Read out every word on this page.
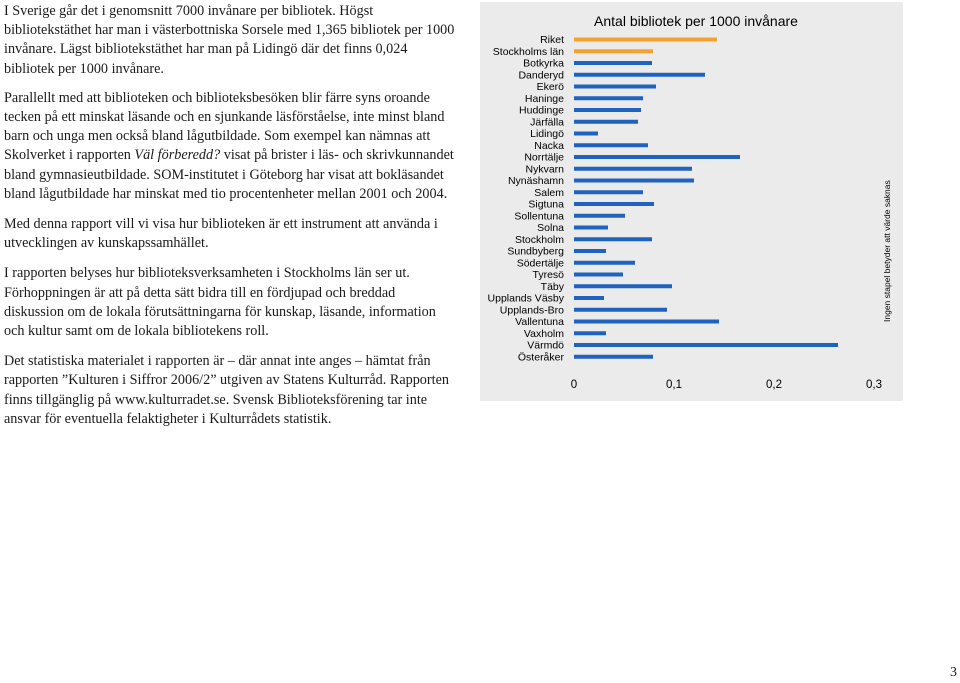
I Sverige går det i genomsnitt 7000 invånare per bibliotek. Högst bibliotekstäthet har man i västerbottniska Sorsele med 1,365 bibliotek per 1000 invånare. Lägst bibliotekstäthet har man på Lidingö där det finns 0,024 bibliotek per 1000 invånare.

Parallellt med att biblioteken och biblioteksbesöken blir färre syns oroande tecken på ett minskat läsande och en sjunkande läsförståelse, inte minst bland barn och unga men också bland lågutbildade. Som exempel kan nämnas att Skolverket i rapporten Väl förberedd? visat på brister i läs- och skrivkunnandet bland gymnasieutbildade. SOM-institutet i Göteborg har visat att bokläsandet bland lågutbildade har minskat med tio procentenheter mellan 2001 och 2004.

Med denna rapport vill vi visa hur biblioteken är ett instrument att använda i utvecklingen av kunskapssamhället.

I rapporten belyses hur biblioteksverksamheten i Stockholms län ser ut. Förhoppningen är att på detta sätt bidra till en fördjupad och breddad diskussion om de lokala förutsättningarna för kunskap, läsande, information och kultur samt om de lokala bibliotekens roll.

Det statistiska materialet i rapporten är – där annat inte anges – hämtat från rapporten ”Kulturen i Siffror 2006/2” utgiven av Statens Kulturråd. Rapporten finns tillgänglig på www.kulturradet.se. Svensk Biblioteksförening tar inte ansvar för eventuella felaktigheter i Kulturrådets statistik.

Antal bibliotek per 1000 invånare
Riket
Stockholms län
Botkyrka
Danderyd
Ekerö
Haninge
Huddinge
Järfälla
Lidingö
Nacka
Norrtälje
Nykvarn
Nynäshamn
Salem
Sigtuna
Sollentuna
Solna
Stockholm
Sundbyberg
Södertälje
Tyresö
Täby
Upplands Väsby
Upplands-Bro
Vallentuna
Vaxholm
Värmdö
Österåker
0	0,1	0,2	0,3
Ingen stapel betyder att värde saknas
3
